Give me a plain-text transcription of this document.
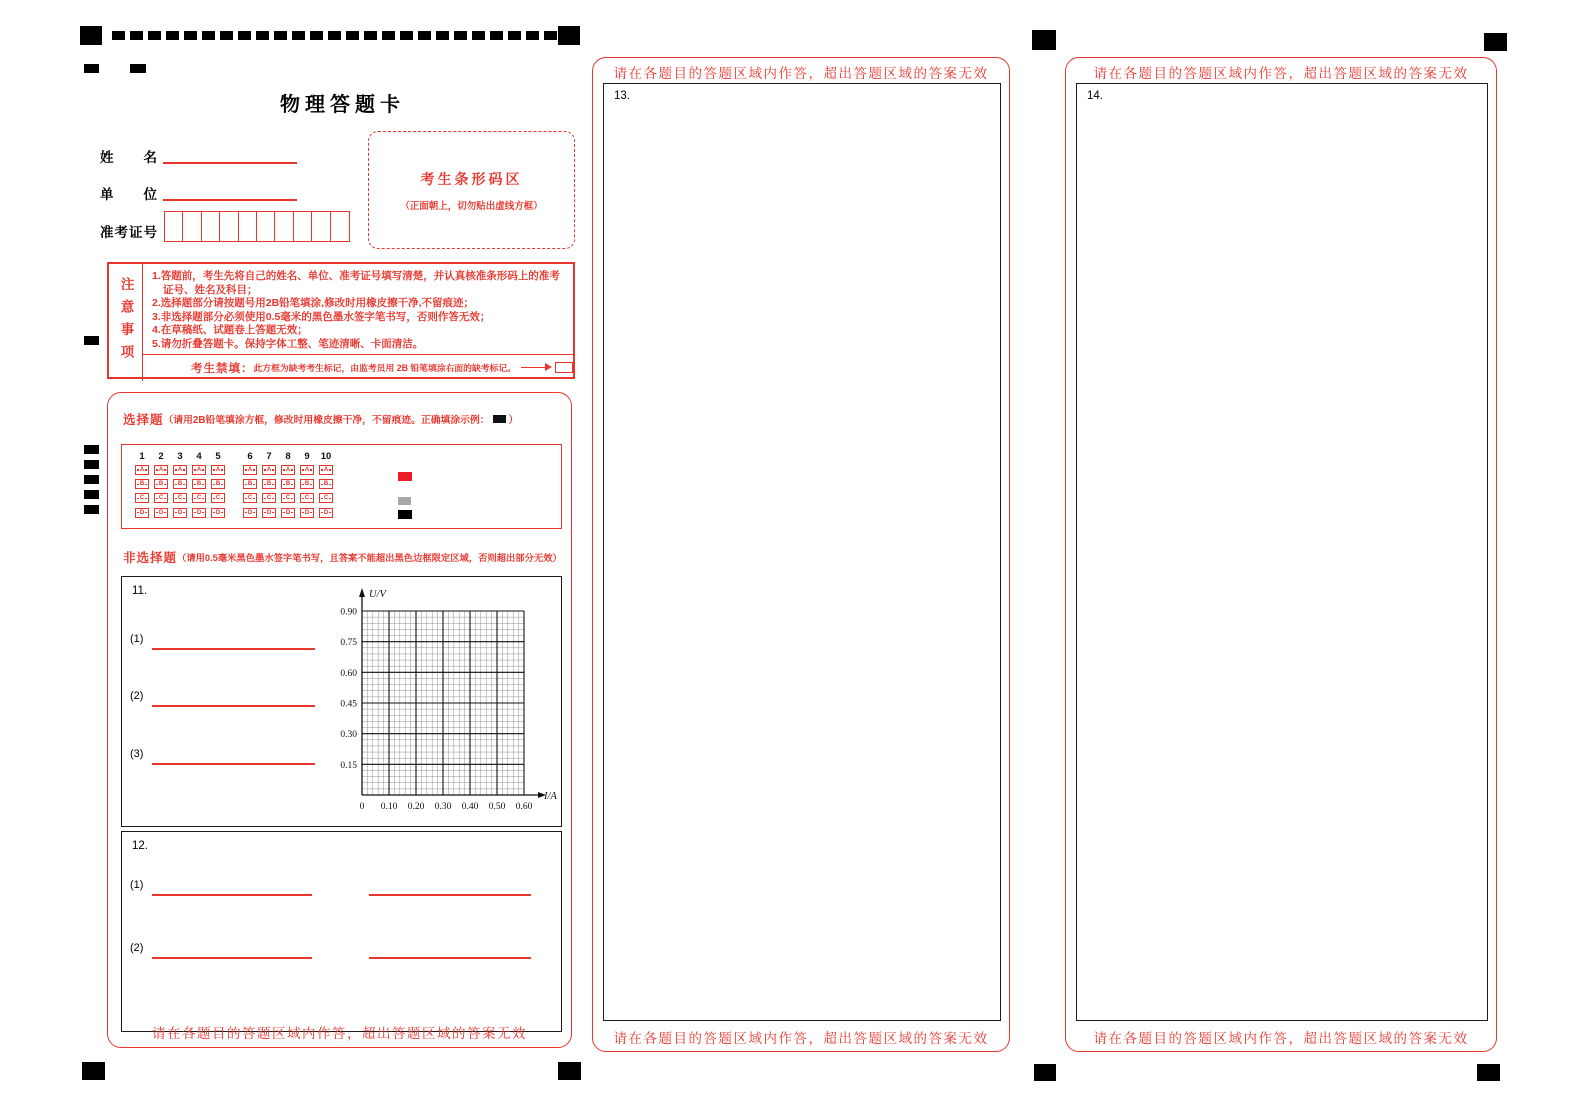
物理答题卡
姓　　名
单　　位
准考证号
考生条形码区
（正面朝上，切勿贴出虚线方框）
注意事项
1.答题前，考生先将自己的姓名、单位、准考证号填写清楚，并认真核准条形码上的准考证号、姓名及科目；
2.选择题部分请按题号用2B铅笔填涂,修改时用橡皮擦干净,不留痕迹；
3.非选择题部分必须使用0.5毫米的黑色墨水签字笔书写，否则作答无效；
4.在草稿纸、试题卷上答题无效；
5.请勿折叠答题卡。保持字体工整、笔迹清晰、卡面清洁。
考生禁填： 此方框为缺考考生标记，由监考员用 2B 铅笔填涂右面的缺考标记。
选择题 （请用2B铅笔填涂方框，修改时用橡皮擦干净，不留痕迹。正确填涂示例： ）
1	2	3	4	5	6	7	8	9	10
A	A	A	A	A	A	A	A	A	A
B	B	B	B	B	B	B	B	B	B
C	C	C	C	C	C	C	C	C	C
D	D	D	D	D	D	D	D	D	D
非选择题 （请用0.5毫米黑色墨水签字笔书写，且答案不能超出黑色边框限定区域，否则超出部分无效）
11.
(1)
(2)
(3)
0.15
0.30
0.45
0.60
0.75
0.90
0 0.10 0.20 0.30 0.40 0.50 0.60
U/V
I/A
12.
(1)
(2)
请在各题目的答题区域内作答，超出答题区域的答案无效
请在各题目的答题区域内作答，超出答题区域的答案无效
13.
请在各题目的答题区域内作答，超出答题区域的答案无效
请在各题目的答题区域内作答，超出答题区域的答案无效
14.
请在各题目的答题区域内作答，超出答题区域的答案无效
